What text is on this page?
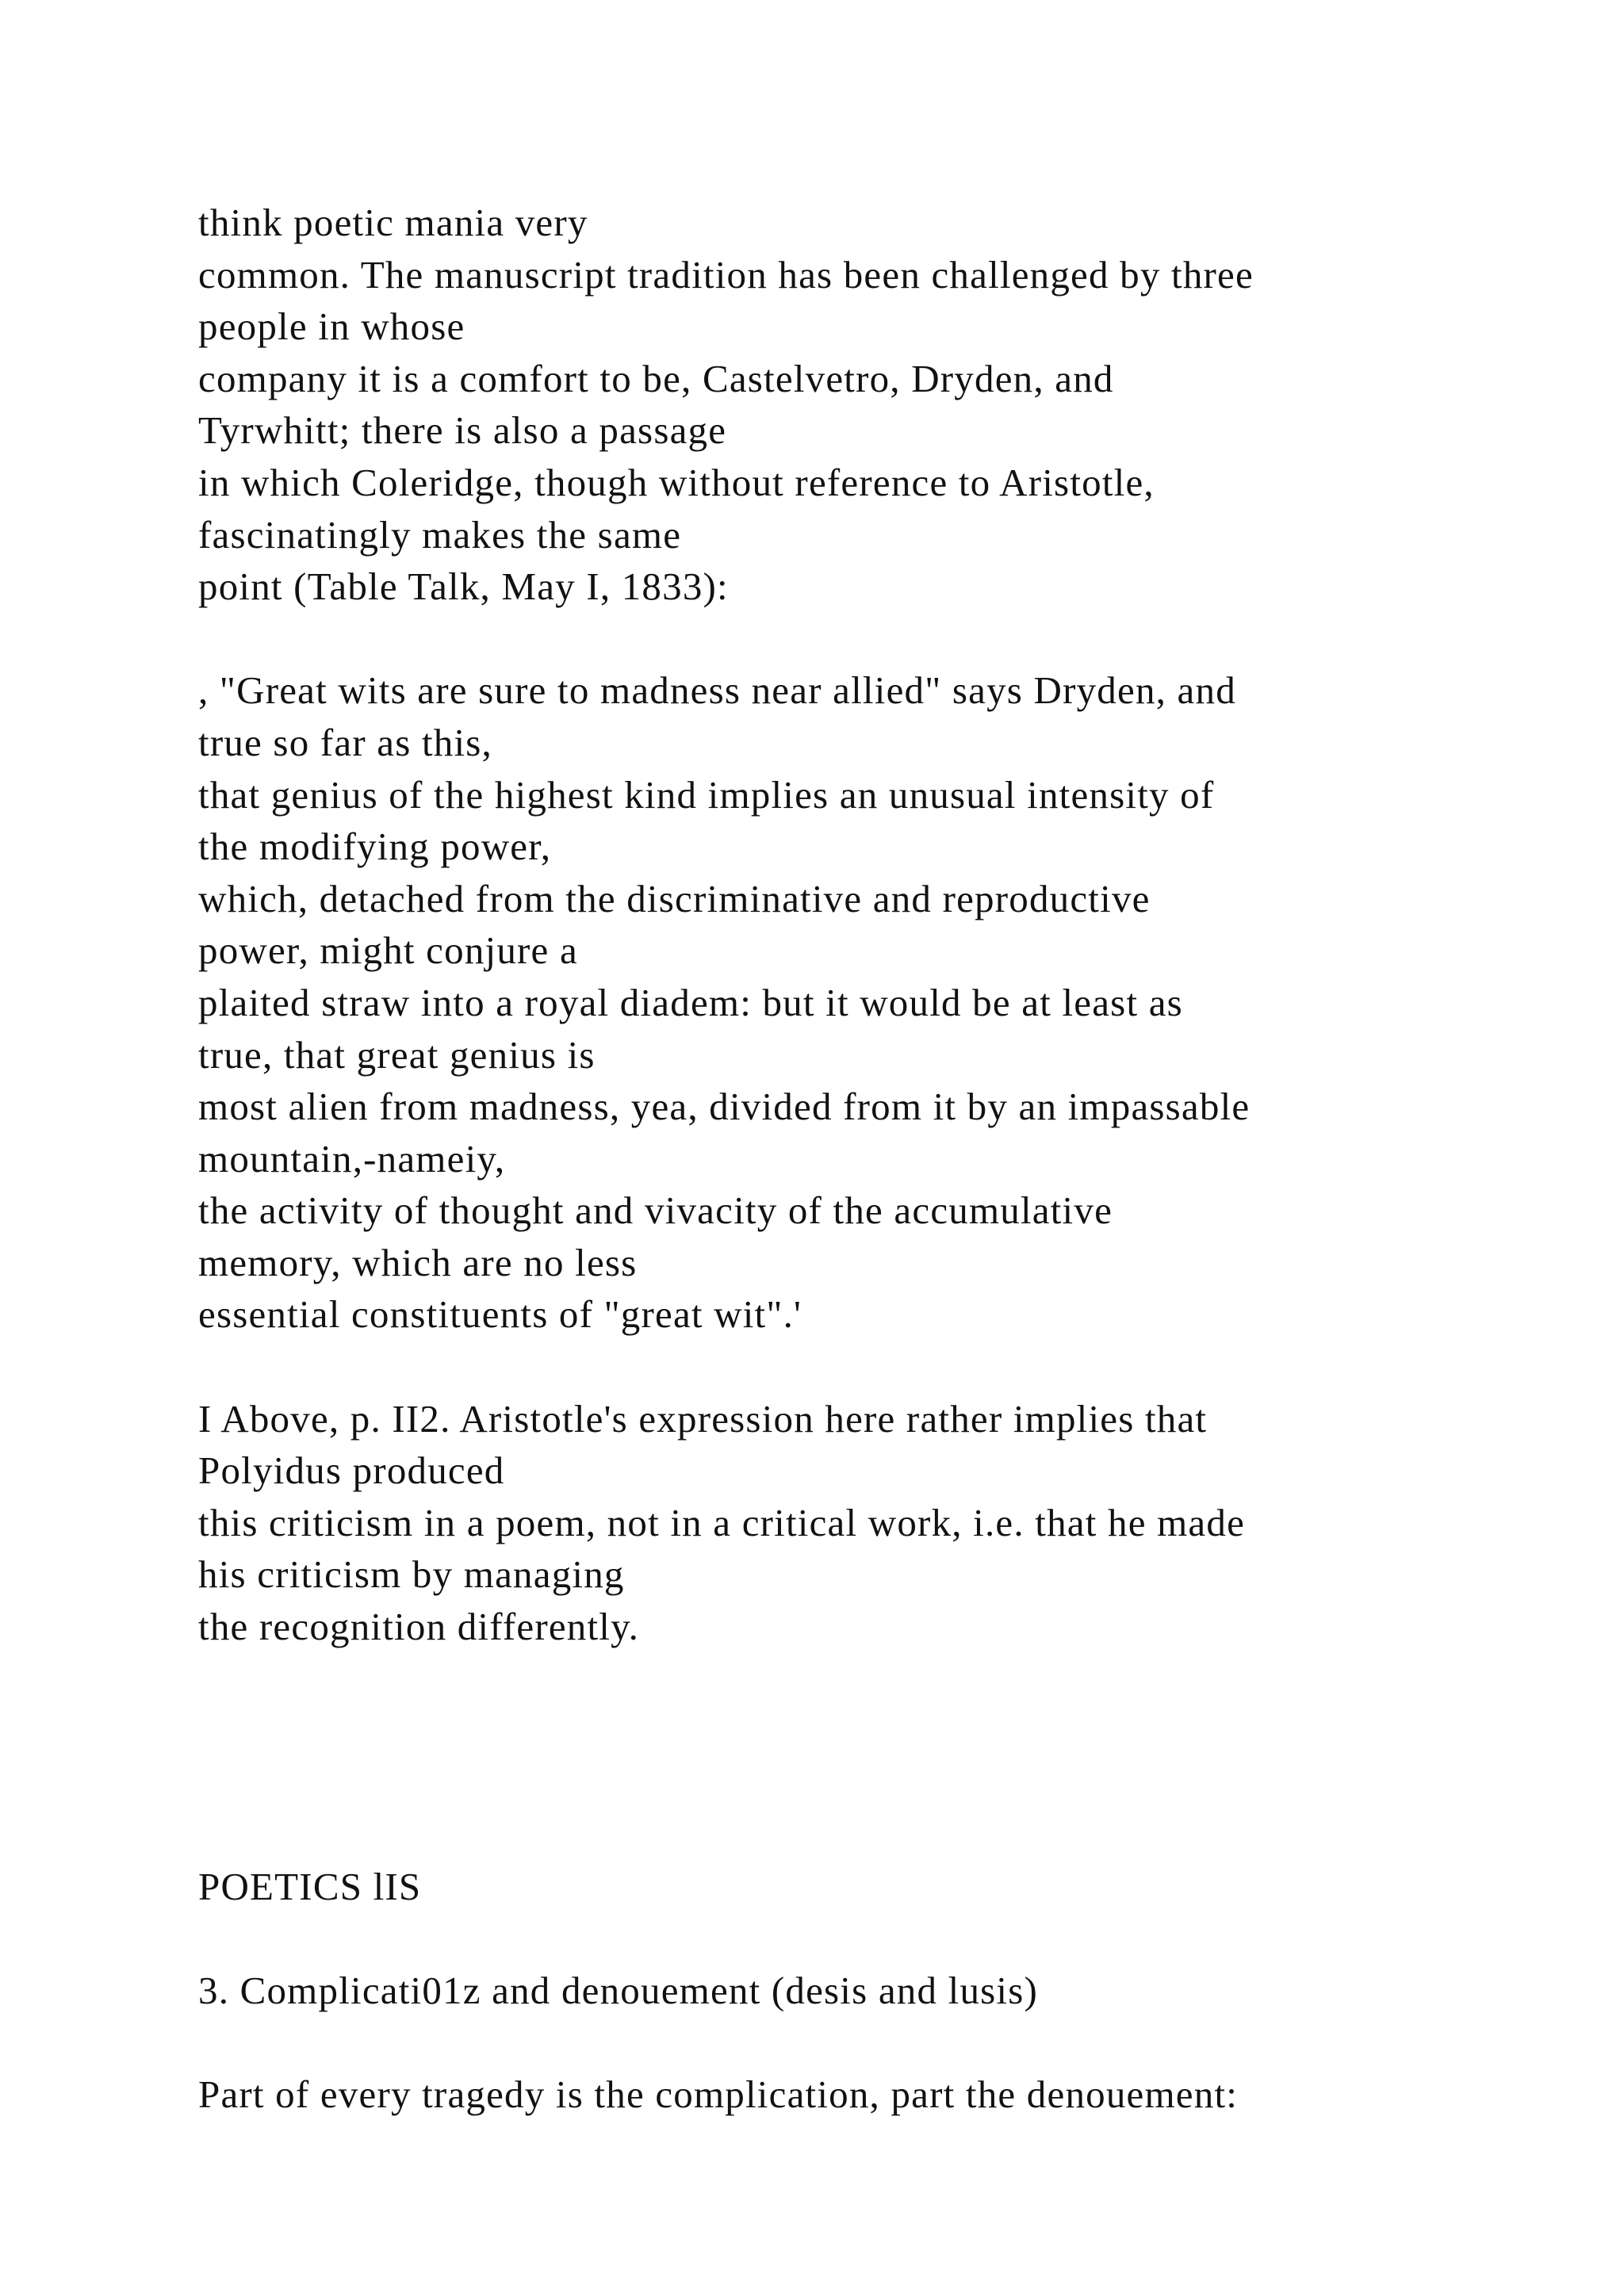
think poetic mania very
common. The manuscript tradition has been challenged by three
people in whose
company it is a comfort to be, Castelvetro, Dryden, and
Tyrwhitt; there is also a passage
in which Coleridge, though without reference to Aristotle,
fascinatingly makes the same
point (Table Talk, May I, 1833):
, "Great wits are sure to madness near allied" says Dryden, and
true so far as this,
that genius of the highest kind implies an unusual intensity of
the modifying power,
which, detached from the discriminative and reproductive
power, might conjure a
plaited straw into a royal diadem: but it would be at least as
true, that great genius is
most alien from madness, yea, divided from it by an impassable
mountain,-nameiy,
the activity of thought and vivacity of the accumulative
memory, which are no less
essential constituents of "great wit".'
I Above, p. II2. Aristotle's expression here rather implies that
Polyidus produced
this criticism in a poem, not in a critical work, i.e. that he made
his criticism by managing
the recognition differently.
POETICS lIS
3. Complicati01z and denouement (desis and lusis)
Part of every tragedy is the complication, part the denouement:
